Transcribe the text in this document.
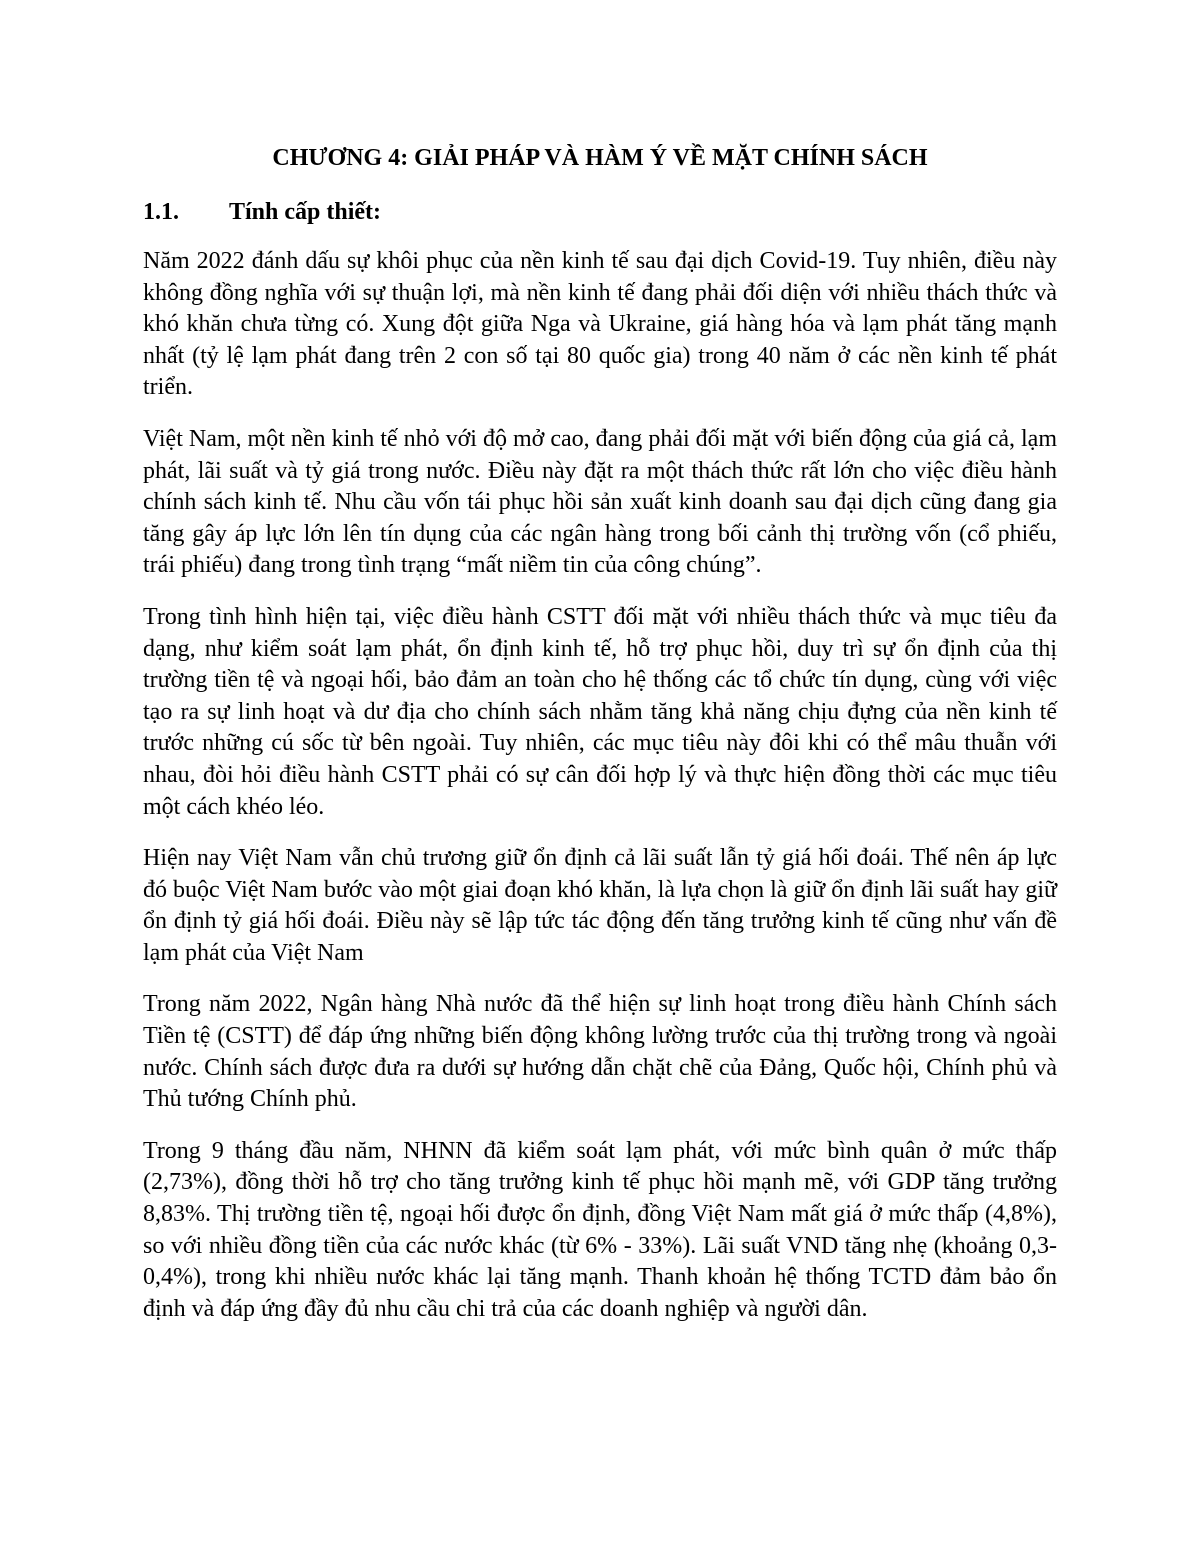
CHƯƠNG 4: GIẢI PHÁP VÀ HÀM Ý VỀ MẶT CHÍNH SÁCH
1.1. Tính cấp thiết:

Năm 2022 đánh dấu sự khôi phục của nền kinh tế sau đại dịch Covid-19. Tuy nhiên, điều này không đồng nghĩa với sự thuận lợi, mà nền kinh tế đang phải đối diện với nhiều thách thức và khó khăn chưa từng có. Xung đột giữa Nga và Ukraine, giá hàng hóa và lạm phát tăng mạnh nhất (tỷ lệ lạm phát đang trên 2 con số tại 80 quốc gia) trong 40 năm ở các nền kinh tế phát triển.

Việt Nam, một nền kinh tế nhỏ với độ mở cao, đang phải đối mặt với biến động của giá cả, lạm phát, lãi suất và tỷ giá trong nước. Điều này đặt ra một thách thức rất lớn cho việc điều hành chính sách kinh tế. Nhu cầu vốn tái phục hồi sản xuất kinh doanh sau đại dịch cũng đang gia tăng gây áp lực lớn lên tín dụng của các ngân hàng trong bối cảnh thị trường vốn (cổ phiếu, trái phiếu) đang trong tình trạng “mất niềm tin của công chúng”.

Trong tình hình hiện tại, việc điều hành CSTT đối mặt với nhiều thách thức và mục tiêu đa dạng, như kiểm soát lạm phát, ổn định kinh tế, hỗ trợ phục hồi, duy trì sự ổn định của thị trường tiền tệ và ngoại hối, bảo đảm an toàn cho hệ thống các tổ chức tín dụng, cùng với việc tạo ra sự linh hoạt và dư địa cho chính sách nhằm tăng khả năng chịu đựng của nền kinh tế trước những cú sốc từ bên ngoài. Tuy nhiên, các mục tiêu này đôi khi có thể mâu thuẫn với nhau, đòi hỏi điều hành CSTT phải có sự cân đối hợp lý và thực hiện đồng thời các mục tiêu một cách khéo léo.

Hiện nay Việt Nam vẫn chủ trương giữ ổn định cả lãi suất lẫn tỷ giá hối đoái. Thế nên áp lực đó buộc Việt Nam bước vào một giai đoạn khó khăn, là lựa chọn là giữ ổn định lãi suất hay giữ ổn định tỷ giá hối đoái. Điều này sẽ lập tức tác động đến tăng trưởng kinh tế cũng như vấn đề lạm phát của Việt Nam

Trong năm 2022, Ngân hàng Nhà nước đã thể hiện sự linh hoạt trong điều hành Chính sách Tiền tệ (CSTT) để đáp ứng những biến động không lường trước của thị trường trong và ngoài nước. Chính sách được đưa ra dưới sự hướng dẫn chặt chẽ của Đảng, Quốc hội, Chính phủ và Thủ tướng Chính phủ.

Trong 9 tháng đầu năm, NHNN đã kiểm soát lạm phát, với mức bình quân ở mức thấp (2,73%), đồng thời hỗ trợ cho tăng trưởng kinh tế phục hồi mạnh mẽ, với GDP tăng trưởng 8,83%. Thị trường tiền tệ, ngoại hối được ổn định, đồng Việt Nam mất giá ở mức thấp (4,8%), so với nhiều đồng tiền của các nước khác (từ 6% - 33%). Lãi suất VND tăng nhẹ (khoảng 0,3-0,4%), trong khi nhiều nước khác lại tăng mạnh. Thanh khoản hệ thống TCTD đảm bảo ổn định và đáp ứng đầy đủ nhu cầu chi trả của các doanh nghiệp và người dân.
